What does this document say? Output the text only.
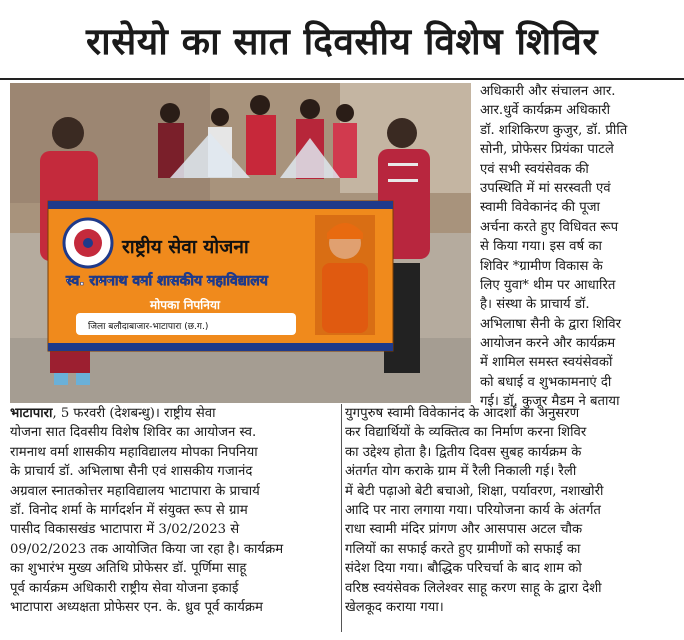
रासेयो का सात दिवसीय विशेष शिविर
राष्ट्रीय सेवा योजना
स्व. रामनाथ वर्मा शासकीय महाविद्यालय
मोपका निपनिया
जिला बलौदाबाजार-भाटापारा (छ.ग.)
अधिकारी और संचालन आर.
आर.धुर्वे कार्यक्रम अधिकारी
डॉ. शशिकिरण कुजुर, डॉ. प्रीति
सोनी, प्रोफेसर प्रियंका पाटले
एवं सभी स्वयंसेवक की
उपस्थिति में मां सरस्वती एवं
स्वामी विवेकानंद की पूजा
अर्चना करते हुए विधिवत रूप
से किया गया। इस वर्ष का
शिविर *ग्रामीण विकास के
लिए युवा* थीम पर आधारित
है। संस्था के प्राचार्य डॉ.
अभिलाषा सैनी के द्वारा शिविर
आयोजन करने और कार्यक्रम
में शामिल समस्त स्वयंसेवकों
को बधाई व शुभकामनाएं दी
गई। डॉ. कुजूर मैडम ने बताया
भाटापारा, 5 फरवरी (देशबन्धु)। राष्ट्रीय सेवा
योजना सात दिवसीय विशेष शिविर का आयोजन स्व.
रामनाथ वर्मा शासकीय महाविद्यालय मोपका निपनिया
के प्राचार्य डॉ. अभिलाषा सैनी एवं शासकीय गजानंद
अग्रवाल स्नातकोत्तर महाविद्यालय भाटापारा के प्राचार्य
डॉ. विनोद शर्मा के मार्गदर्शन में संयुक्त रूप से ग्राम
पासीद विकासखंड भाटापारा में 3/02/2023 से
09/02/2023 तक आयोजित किया जा रहा है। कार्यक्रम
का शुभारंभ मुख्य अतिथि प्रोफेसर डॉ. पूर्णिमा साहू
पूर्व कार्यक्रम अधिकारी राष्ट्रीय सेवा योजना इकाई
भाटापारा अध्यक्षता प्रोफेसर एन. के. ध्रुव पूर्व कार्यक्रम
युगपुरुष स्वामी विवेकानंद के आदर्शों का अनुसरण
कर विद्यार्थियों के व्यक्तित्व का निर्माण करना शिविर
का उद्देश्य होता है। द्वितीय दिवस सुबह कार्यक्रम के
अंतर्गत योग कराके ग्राम में रैली निकाली गई। रैली
में बेटी पढ़ाओ बेटी बचाओ, शिक्षा, पर्यावरण, नशाखोरी
आदि पर नारा लगाया गया। परियोजना कार्य के अंतर्गत
राधा स्वामी मंदिर प्रांगण और आसपास अटल चौक
गलियों का सफाई करते हुए ग्रामीणों को सफाई का
संदेश दिया गया। बौद्धिक परिचर्चा के बाद शाम को
वरिष्ठ स्वयंसेवक लिलेश्वर साहू करण साहू के द्वारा देशी
खेलकूद कराया गया।
